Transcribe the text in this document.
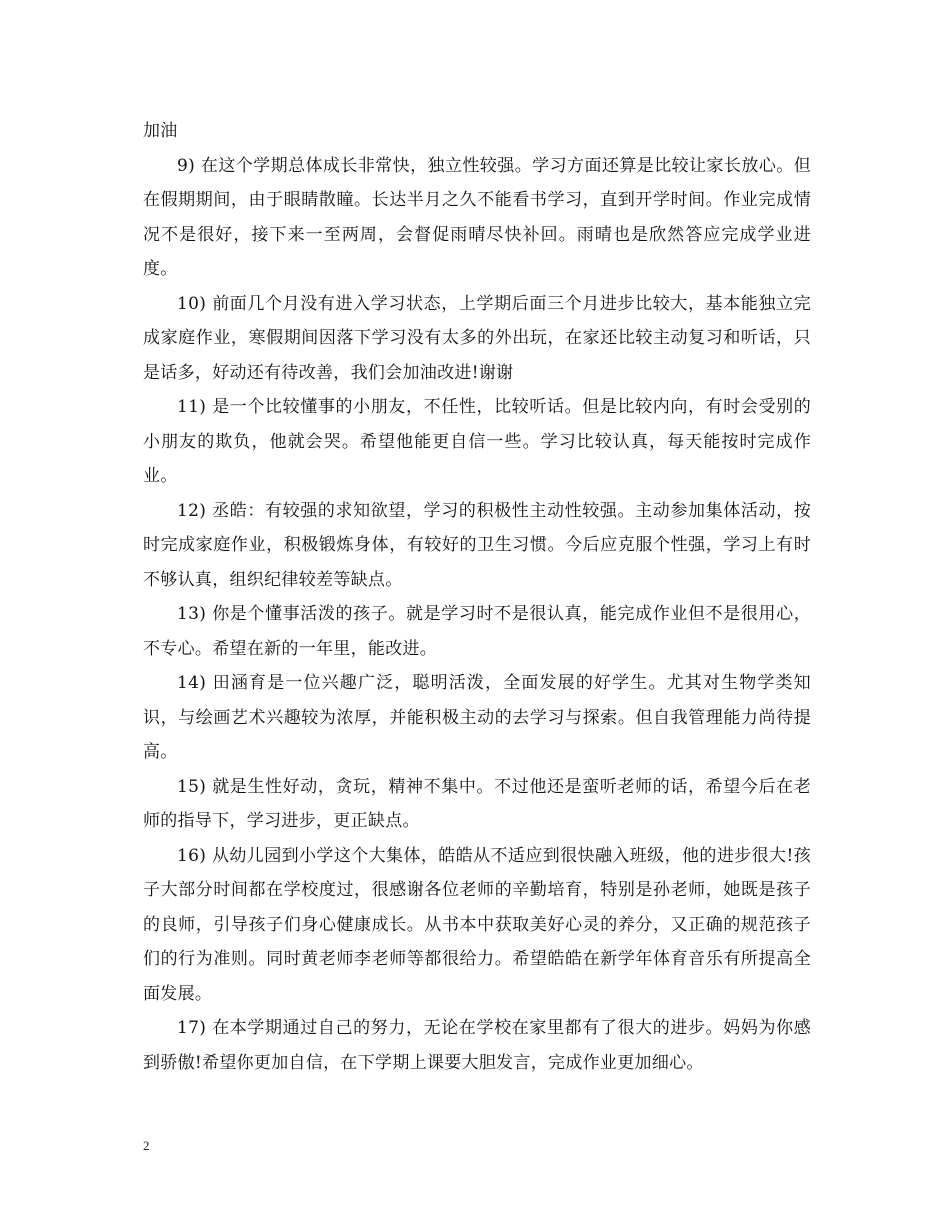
加油

9) 在这个学期总体成长非常快，独立性较强。学习方面还算是比较让家长放心。但在假期期间，由于眼睛散瞳。长达半月之久不能看书学习，直到开学时间。作业完成情况不是很好，接下来一至两周，会督促雨晴尽快补回。雨晴也是欣然答应完成学业进度。

10) 前面几个月没有进入学习状态，上学期后面三个月进步比较大，基本能独立完成家庭作业，寒假期间因落下学习没有太多的外出玩，在家还比较主动复习和听话，只是话多，好动还有待改善，我们会加油改进!谢谢

11) 是一个比较懂事的小朋友，不任性，比较听话。但是比较内向，有时会受别的小朋友的欺负，他就会哭。希望他能更自信一些。学习比较认真，每天能按时完成作业。

12) 丞皓：有较强的求知欲望，学习的积极性主动性较强。主动参加集体活动，按时完成家庭作业，积极锻炼身体，有较好的卫生习惯。今后应克服个性强，学习上有时不够认真，组织纪律较差等缺点。

13) 你是个懂事活泼的孩子。就是学习时不是很认真，能完成作业但不是很用心，不专心。希望在新的一年里，能改进。

14) 田涵育是一位兴趣广泛，聪明活泼，全面发展的好学生。尤其对生物学类知识，与绘画艺术兴趣较为浓厚，并能积极主动的去学习与探索。但自我管理能力尚待提高。

15) 就是生性好动，贪玩，精神不集中。不过他还是蛮听老师的话，希望今后在老师的指导下，学习进步，更正缺点。

16) 从幼儿园到小学这个大集体，皓皓从不适应到很快融入班级，他的进步很大!孩子大部分时间都在学校度过，很感谢各位老师的辛勤培育，特别是孙老师，她既是孩子的良师，引导孩子们身心健康成长。从书本中获取美好心灵的养分，又正确的规范孩子们的行为准则。同时黄老师李老师等都很给力。希望皓皓在新学年体育音乐有所提高全面发展。

17) 在本学期通过自己的努力，无论在学校在家里都有了很大的进步。妈妈为你感到骄傲!希望你更加自信，在下学期上课要大胆发言，完成作业更加细心。

2
